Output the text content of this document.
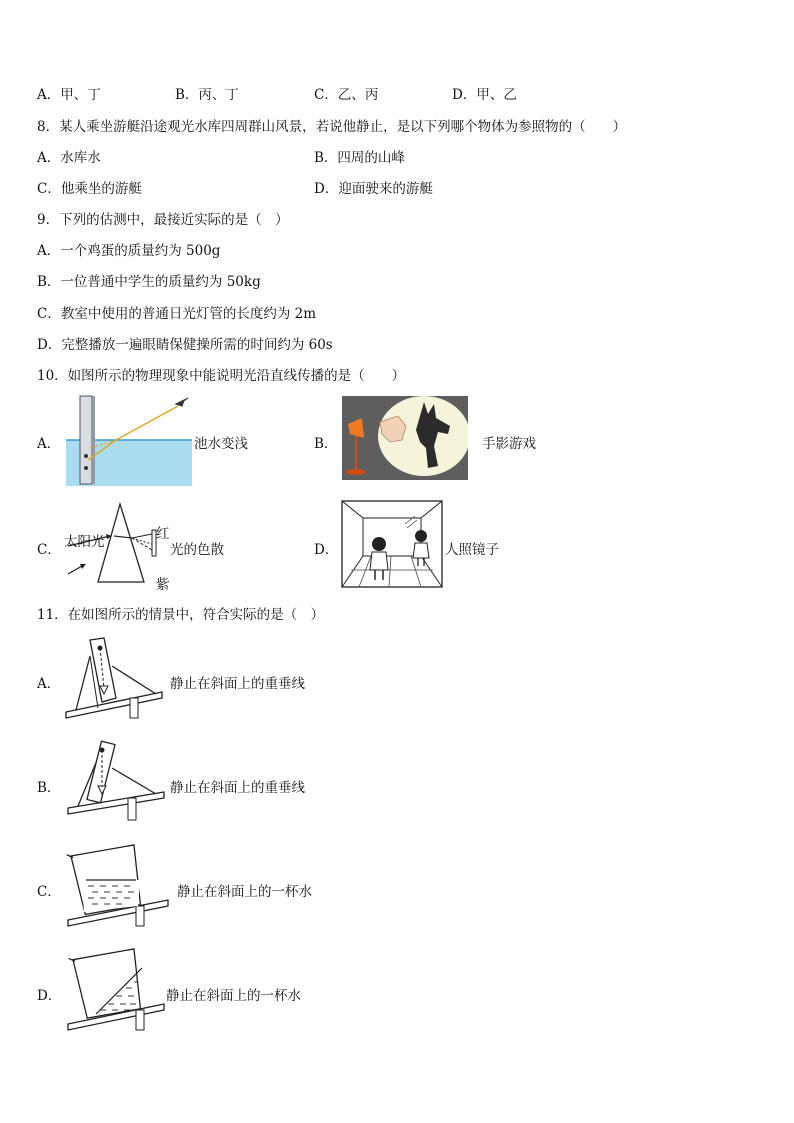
A．甲、丁	B．丙、丁	C．乙、丙	D．甲、乙
8．某人乘坐游艇沿途观光水库四周群山风景，若说他静止，是以下列哪个物体为参照物的（　　）
A．水库水	B．四周的山峰
C．他乘坐的游艇	D．迎面驶来的游艇
9．下列的估测中，最接近实际的是（　）
A．一个鸡蛋的质量约为 500g
B．一位普通中学生的质量约为 50kg
C．教室中使用的普通日光灯管的长度约为 2m
D．完整播放一遍眼睛保健操所需的时间约为 60s
10．如图所示的物理现象中能说明光沿直线传播的是（　　）
A．	池水变浅	B．	手影游戏
C． 太阳光	红
紫
光的色散	D．	人照镜子
11．在如图所示的情景中，符合实际的是（　）
A．	静止在斜面上的重垂线
B．	静止在斜面上的重垂线
C．	静止在斜面上的一杯水
D．	静止在斜面上的一杯水
